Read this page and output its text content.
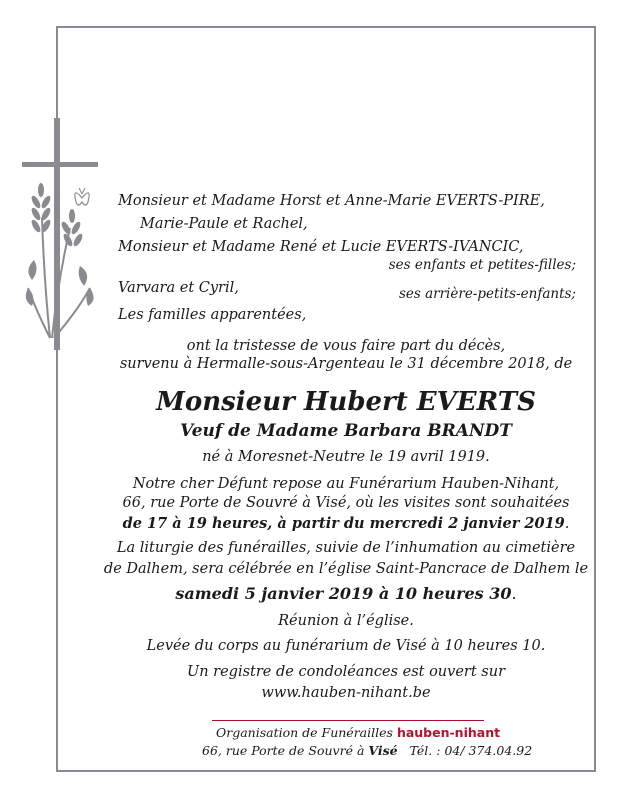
Monsieur et Madame Horst et Anne-Marie EVERTS-PIRE,
Marie-Paule et Rachel,
Monsieur et Madame René et Lucie EVERTS-IVANCIC,
ses enfants et petites-filles;
Varvara et Cyril,	ses arrière-petits-enfants;
Les familles apparentées,
ont la tristesse de vous faire part du décès,
survenu à Hermalle-sous-Argenteau le 31 décembre 2018, de
Monsieur Hubert EVERTS
Veuf de Madame Barbara BRANDT
né à Moresnet-Neutre le 19 avril 1919.
Notre cher Défunt repose au Funérarium Hauben-Nihant,
66, rue Porte de Souvré à Visé, où les visites sont souhaitées
de 17 à 19 heures, à partir du mercredi 2 janvier 2019.
La liturgie des funérailles, suivie de l’inhumation au cimetière
de Dalhem, sera célébrée en l’église Saint-Pancrace de Dalhem le
samedi 5 janvier 2019 à 10 heures 30.
Réunion à l’église.
Levée du corps au funérarium de Visé à 10 heures 10.
Un registre de condoléances est ouvert sur
www.hauben-nihant.be
Organisation de Funérailles hauben-nihant
66, rue Porte de Souvré à Visé Tél. : 04/ 374.04.92
